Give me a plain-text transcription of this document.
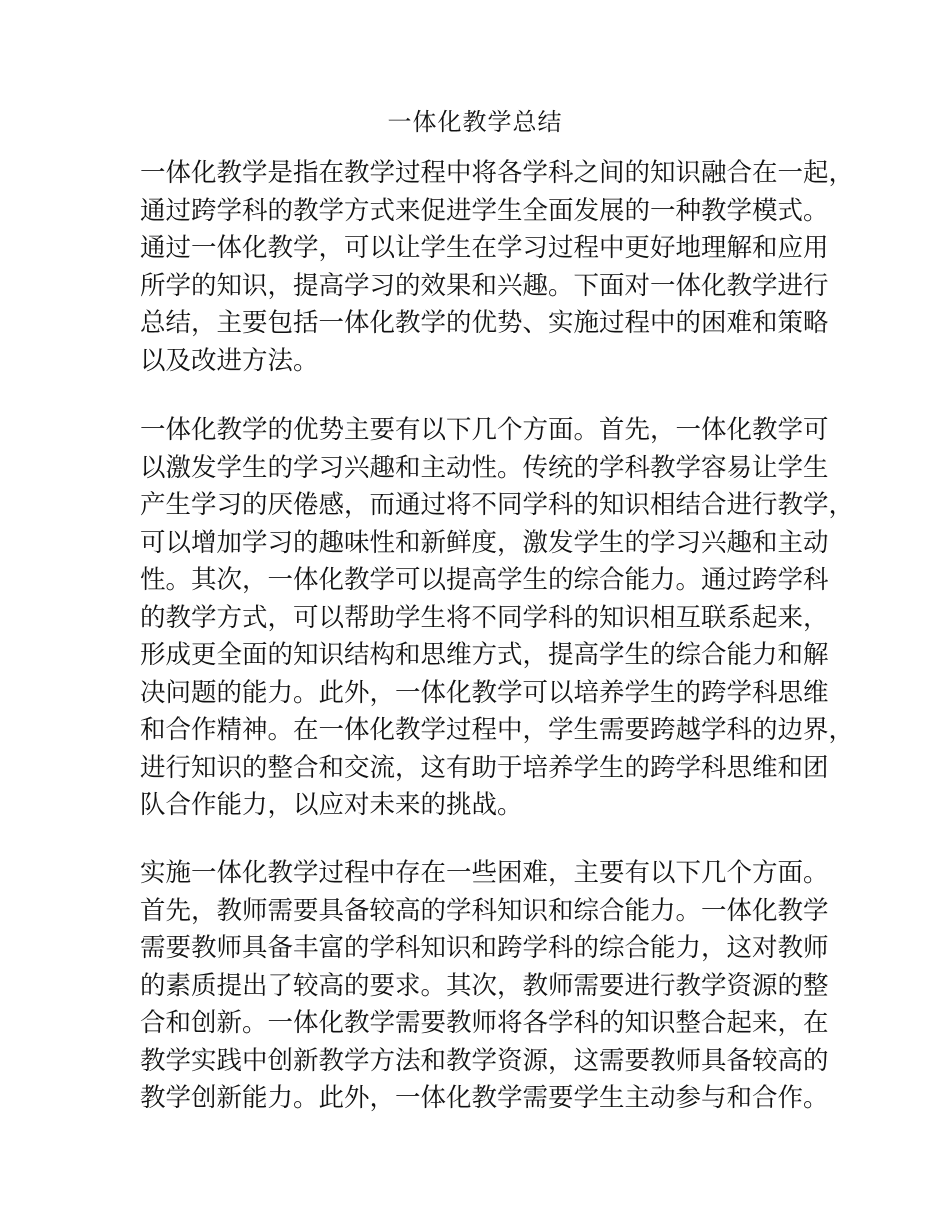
一体化教学总结
一体化教学是指在教学过程中将各学科之间的知识融合在一起，
通过跨学科的教学方式来促进学生全面发展的一种教学模式。
通过一体化教学，可以让学生在学习过程中更好地理解和应用
所学的知识，提高学习的效果和兴趣。下面对一体化教学进行
总结，主要包括一体化教学的优势、实施过程中的困难和策略
以及改进方法。
一体化教学的优势主要有以下几个方面。首先，一体化教学可
以激发学生的学习兴趣和主动性。传统的学科教学容易让学生
产生学习的厌倦感，而通过将不同学科的知识相结合进行教学，
可以增加学习的趣味性和新鲜度，激发学生的学习兴趣和主动
性。其次，一体化教学可以提高学生的综合能力。通过跨学科
的教学方式，可以帮助学生将不同学科的知识相互联系起来，
形成更全面的知识结构和思维方式，提高学生的综合能力和解
决问题的能力。此外，一体化教学可以培养学生的跨学科思维
和合作精神。在一体化教学过程中，学生需要跨越学科的边界，
进行知识的整合和交流，这有助于培养学生的跨学科思维和团
队合作能力，以应对未来的挑战。
实施一体化教学过程中存在一些困难，主要有以下几个方面。
首先，教师需要具备较高的学科知识和综合能力。一体化教学
需要教师具备丰富的学科知识和跨学科的综合能力，这对教师
的素质提出了较高的要求。其次，教师需要进行教学资源的整
合和创新。一体化教学需要教师将各学科的知识整合起来，在
教学实践中创新教学方法和教学资源，这需要教师具备较高的
教学创新能力。此外，一体化教学需要学生主动参与和合作。
